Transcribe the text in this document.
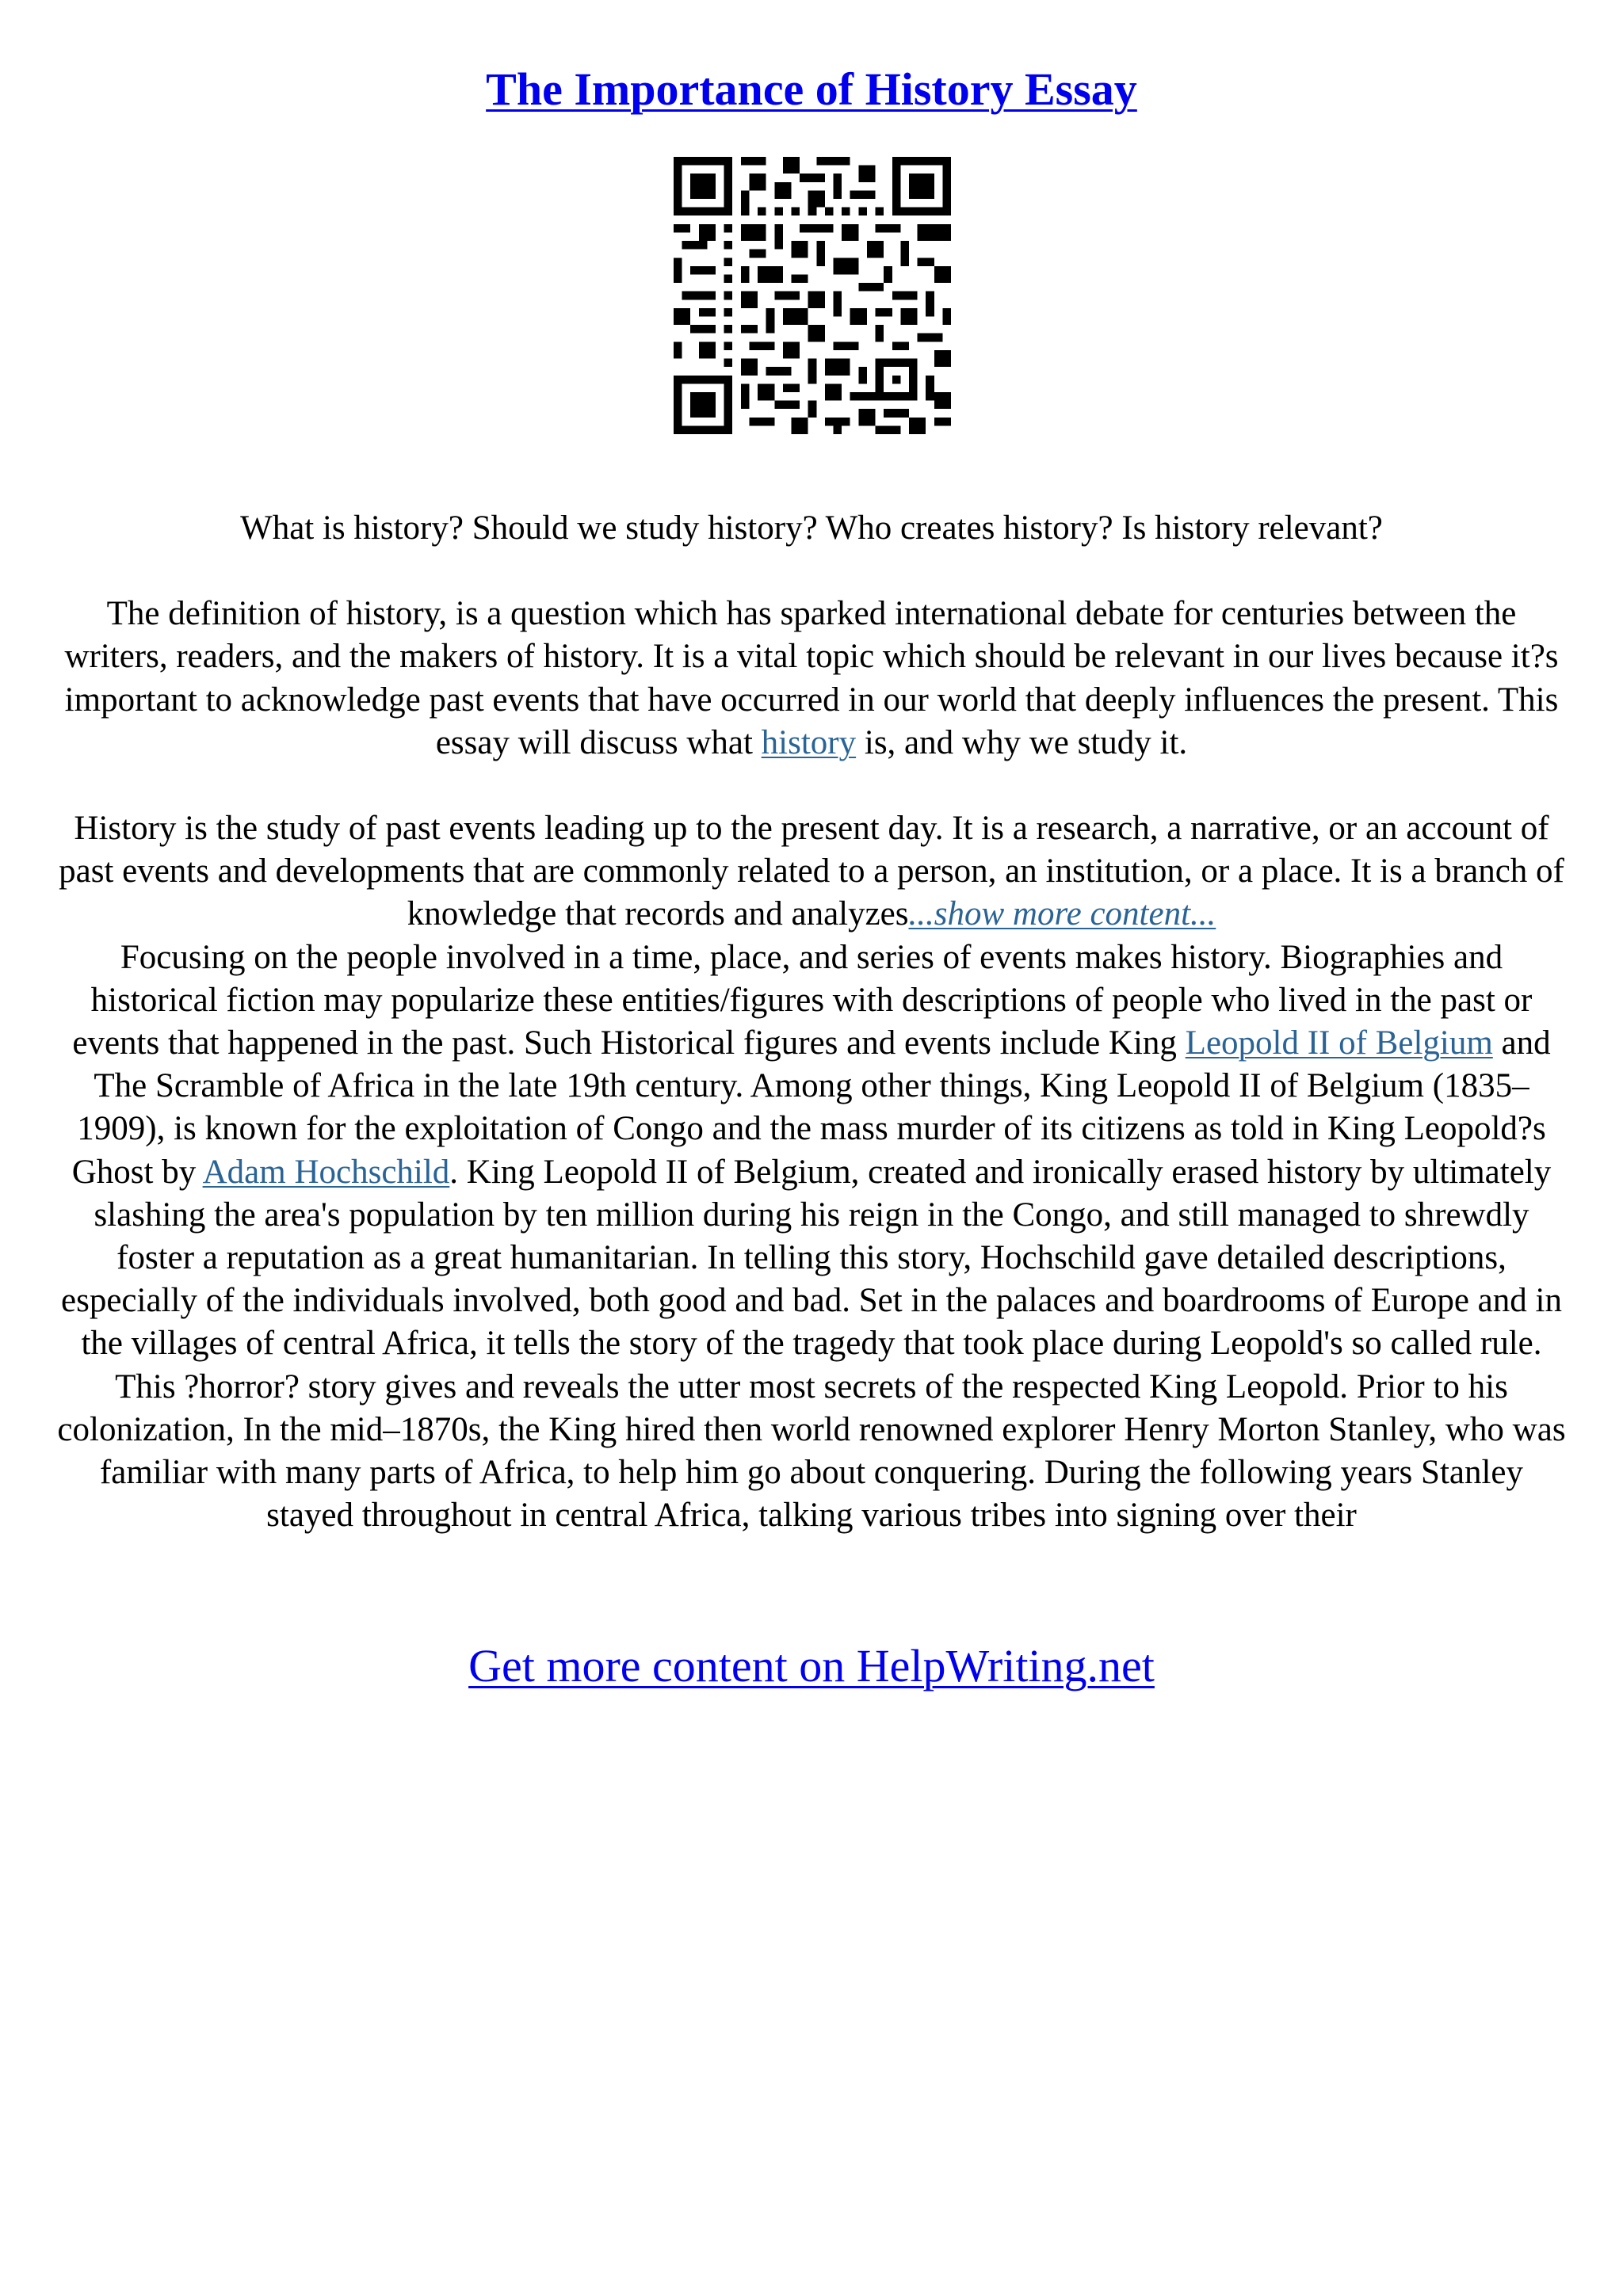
The Importance of History Essay

What is history? Should we study history? Who creates history? Is history relevant?

The definition of history, is a question which has sparked international debate for centuries between the writers, readers, and the makers of history. It is a vital topic which should be relevant in our lives because it?s important to acknowledge past events that have occurred in our world that deeply influences the present. This essay will discuss what history is, and why we study it.

History is the study of past events leading up to the present day. It is a research, a narrative, or an account of past events and developments that are commonly related to a person, an institution, or a place. It is a branch of knowledge that records and analyzes...show more content...

Focusing on the people involved in a time, place, and series of events makes history. Biographies and historical fiction may popularize these entities/figures with descriptions of people who lived in the past or events that happened in the past. Such Historical figures and events include King Leopold II of Belgium and The Scramble of Africa in the late 19th century. Among other things, King Leopold II of Belgium (1835–1909), is known for the exploitation of Congo and the mass murder of its citizens as told in King Leopold?s Ghost by Adam Hochschild. King Leopold II of Belgium, created and ironically erased history by ultimately slashing the area's population by ten million during his reign in the Congo, and still managed to shrewdly foster a reputation as a great humanitarian. In telling this story, Hochschild gave detailed descriptions, especially of the individuals involved, both good and bad. Set in the palaces and boardrooms of Europe and in the villages of central Africa, it tells the story of the tragedy that took place during Leopold's so called rule. This ?horror? story gives and reveals the utter most secrets of the respected King Leopold. Prior to his colonization, In the mid–1870s, the King hired then world renowned explorer Henry Morton Stanley, who was familiar with many parts of Africa, to help him go about conquering. During the following years Stanley stayed throughout in central Africa, talking various tribes into signing over their

Get more content on HelpWriting.net
